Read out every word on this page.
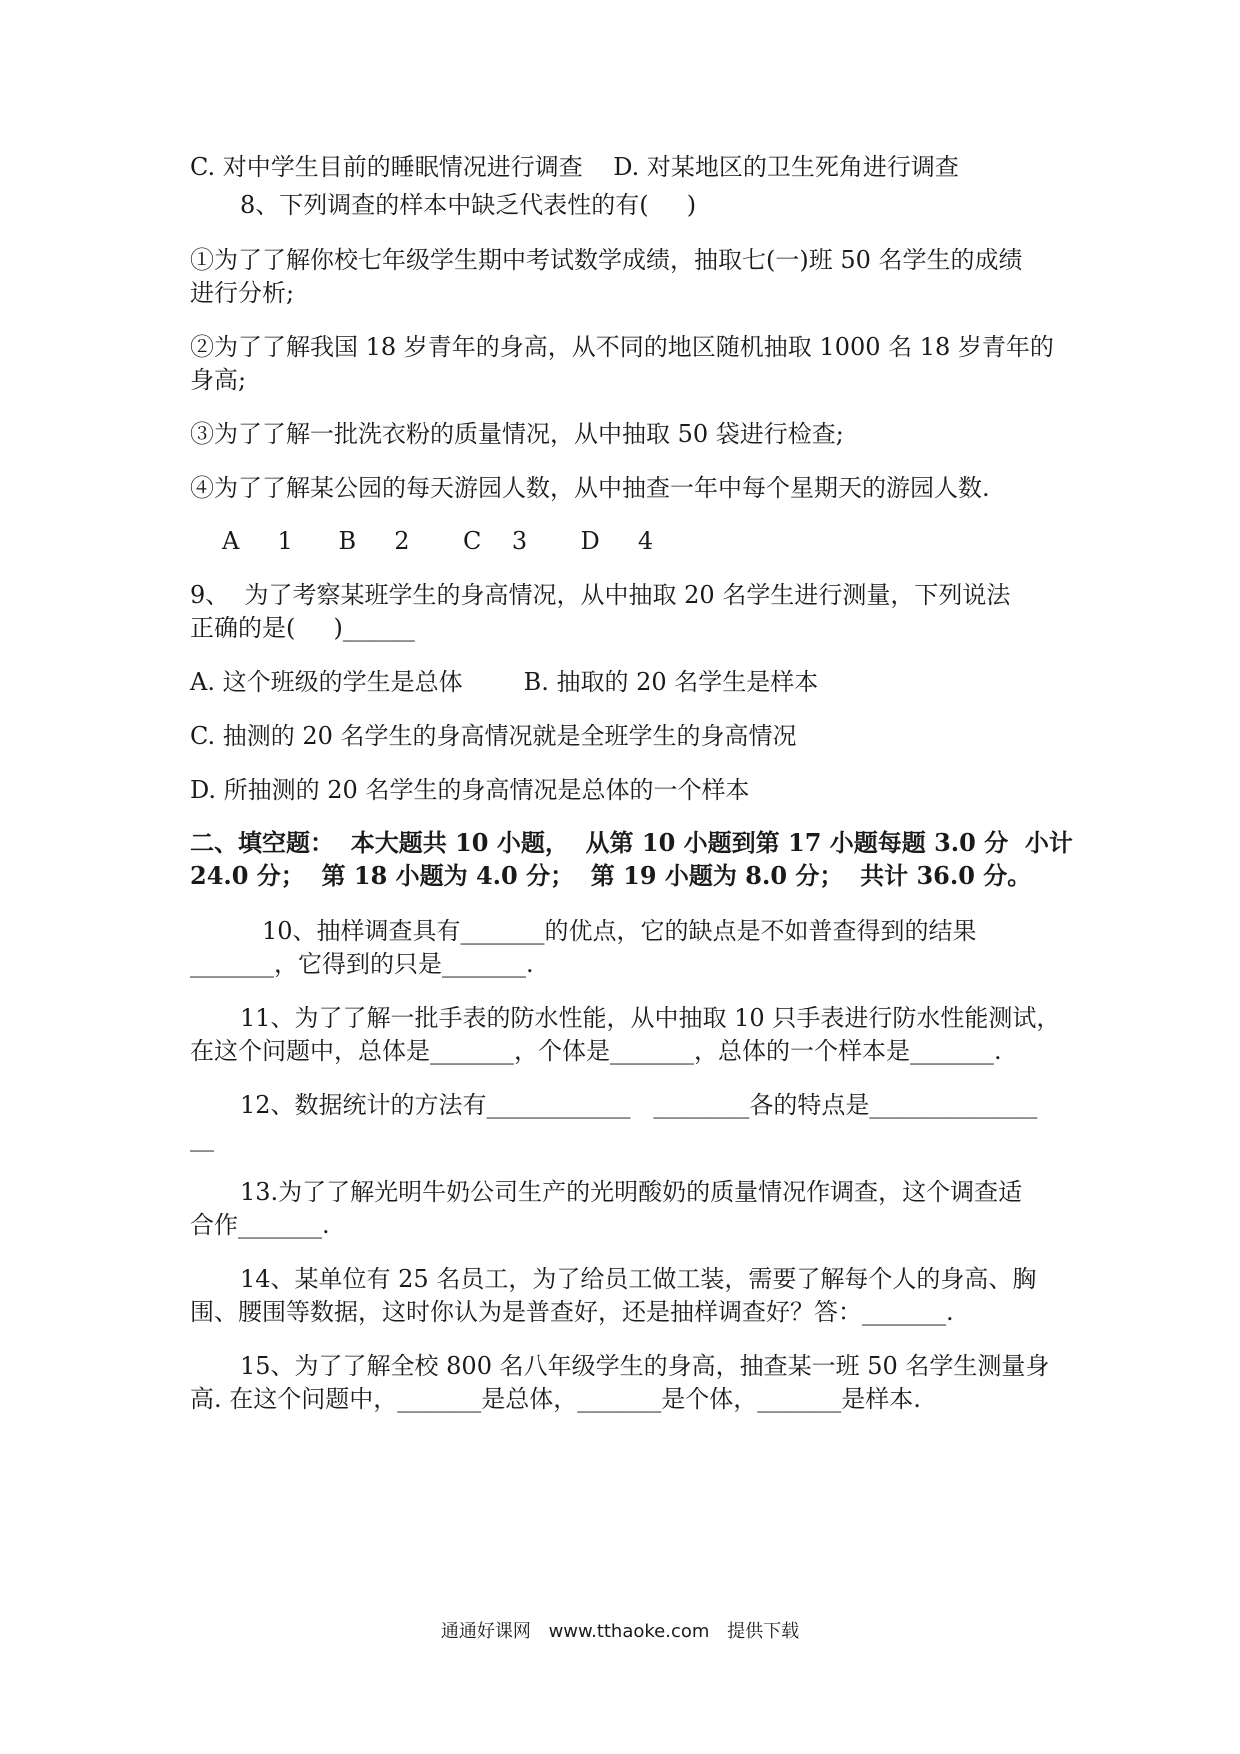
C. 对中学生目前的睡眠情况进行调查    D. 对某地区的卫生死角进行调查
8、下列调查的样本中缺乏代表性的有(     )
①为了了解你校七年级学生期中考试数学成绩，抽取七(一)班 50 名学生的成绩
进行分析;
②为了了解我国 18 岁青年的身高，从不同的地区随机抽取 1000 名 18 岁青年的
身高;
③为了了解一批洗衣粉的质量情况，从中抽取 50 袋进行检查;
④为了了解某公园的每天游园人数，从中抽查一年中每个星期天的游园人数.
A     1      B     2       C    3       D     4
9、  为了考察某班学生的身高情况，从中抽取 20 名学生进行测量，下列说法
正确的是(     )______
A. 这个班级的学生是总体        B. 抽取的 20 名学生是样本
C. 抽测的 20 名学生的身高情况就是全班学生的身高情况
D. 所抽测的 20 名学生的身高情况是总体的一个样本
二、填空题：  本大题共 10 小题，  从第 10 小题到第 17 小题每题 3.0 分  小计
24.0 分；  第 18 小题为 4.0 分；  第 19 小题为 8.0 分；  共计 36.0 分。
10、抽样调查具有_______的优点，它的缺点是不如普查得到的结果
_______，它得到的只是_______.
11、为了了解一批手表的防水性能，从中抽取 10 只手表进行防水性能测试，
在这个问题中，总体是_______，个体是_______，总体的一个样本是_______.
12、数据统计的方法有____________   ________各的特点是______________
__
13.为了了解光明牛奶公司生产的光明酸奶的质量情况作调查，这个调查适
合作_______.
14、某单位有 25 名员工，为了给员工做工装，需要了解每个人的身高、胸
围、腰围等数据，这时你认为是普查好，还是抽样调查好？答：_______.
15、为了了解全校 800 名八年级学生的身高，抽查某一班 50 名学生测量身
高. 在这个问题中，_______是总体，_______是个体，_______是样本.
通通好课网 www.tthaoke.com 提供下载
